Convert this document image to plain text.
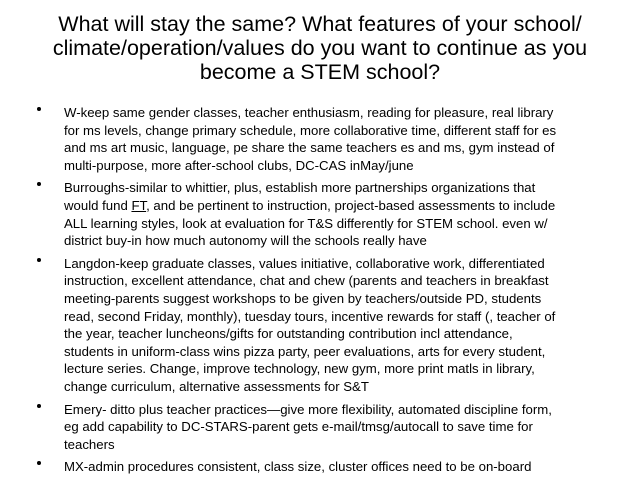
What will stay the same? What features of your school/
climate/operation/values do you want to continue as you
become a STEM school?
W-keep same gender classes, teacher enthusiasm, reading for pleasure, real library
for ms levels, change primary schedule, more collaborative time, different staff for es
and ms art music, language, pe share the same teachers es and ms, gym instead of
multi-purpose, more after-school clubs, DC-CAS inMay/june
Burroughs-similar to whittier, plus, establish more partnerships organizations that
would fund FT, and be pertinent to instruction, project-based assessments to include
ALL learning styles, look at evaluation for T&S differently for STEM school. even w/
district buy-in how much autonomy will the schools really have
Langdon-keep graduate classes, values initiative, collaborative work, differentiated
instruction, excellent attendance, chat and chew (parents and teachers in breakfast
meeting-parents suggest workshops to be given by teachers/outside PD, students
read, second Friday, monthly), tuesday tours, incentive rewards for staff (, teacher of
the year, teacher luncheons/gifts for outstanding contribution incl attendance,
students in uniform-class wins pizza party, peer evaluations, arts for every student,
lecture series. Change, improve technology, new gym, more print matls in library,
change curriculum, alternative assessments for S&T
Emery- ditto plus teacher practices—give more flexibility, automated discipline form,
eg add capability to DC-STARS-parent gets e-mail/tmsg/autocall to save time for
teachers
MX-admin procedures consistent, class size, cluster offices need to be on-board
